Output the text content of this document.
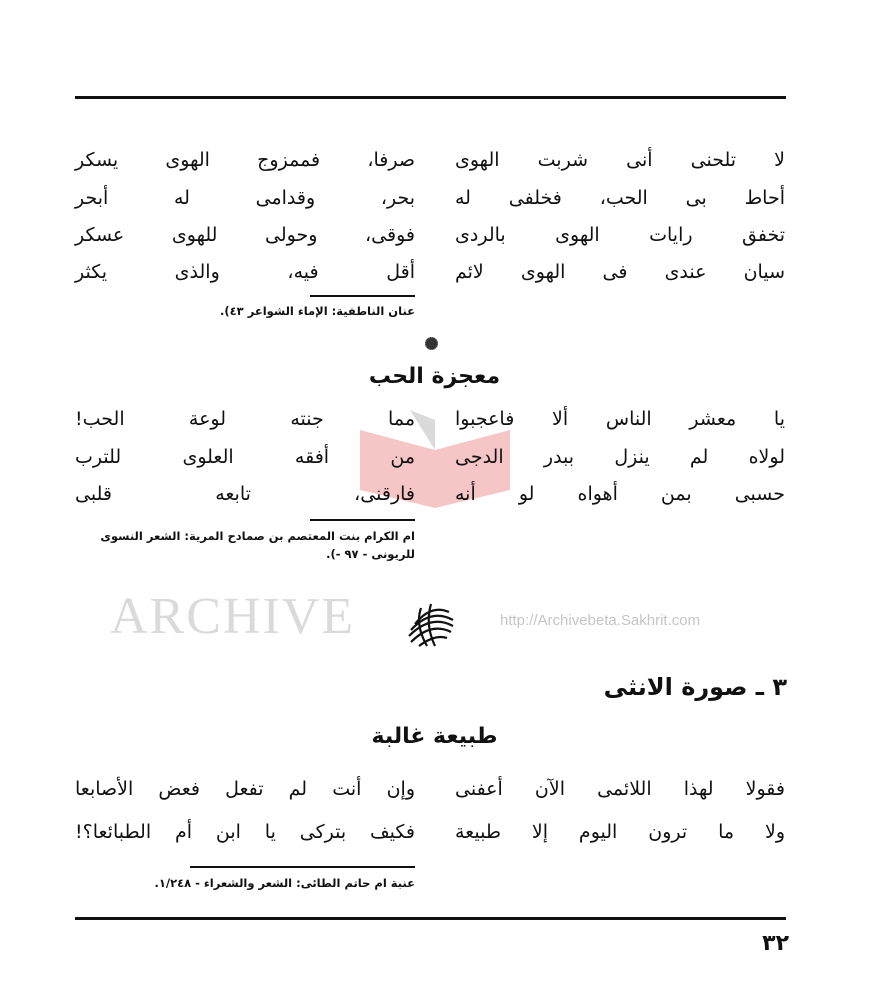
لا تلحنى أنى شربت الهوى
صرفا، فممزوج الهوى يسكر
أحاط بى الحب، فخلفى له
بحر، وقدامى له أبحر
تخفق رايات الهوى بالردى
فوقى، وحولى للهوى عسكر
سيان عندى فى الهوى لائم
أقل فيه، والذى يكثر
عنان الناطفية: الإماء الشواعر ٤٣).
ARCHIVE	http://Archivebeta.Sakhrit.com
معجزة الحب
يا معشر الناس ألا فاعجبوا
مما جنته لوعة الحب!
لولاه لم ينزل ببدر الدجى
من أفقه العلوى للترب
حسبى بمن أهواه لو أنه
فارقنى، تابعه قلبى
ام الكرام بنت المعتصم بن صمادح المرية: الشعر النسوى
للريونى - ٩٧ -).
٣ ـ صورة الانثى
طبيعة غالبة
فقولا لهذا اللائمى الآن أعفنى
وإن أنت لم تفعل فعض الأصابعا
ولا ما ترون اليوم إلا طبيعة
فكيف بتركى يا ابن أم الطبائعا؟!
عنبة ام حاتم الطائى: الشعر والشعراء - ١/٢٤٨.
٣٢
